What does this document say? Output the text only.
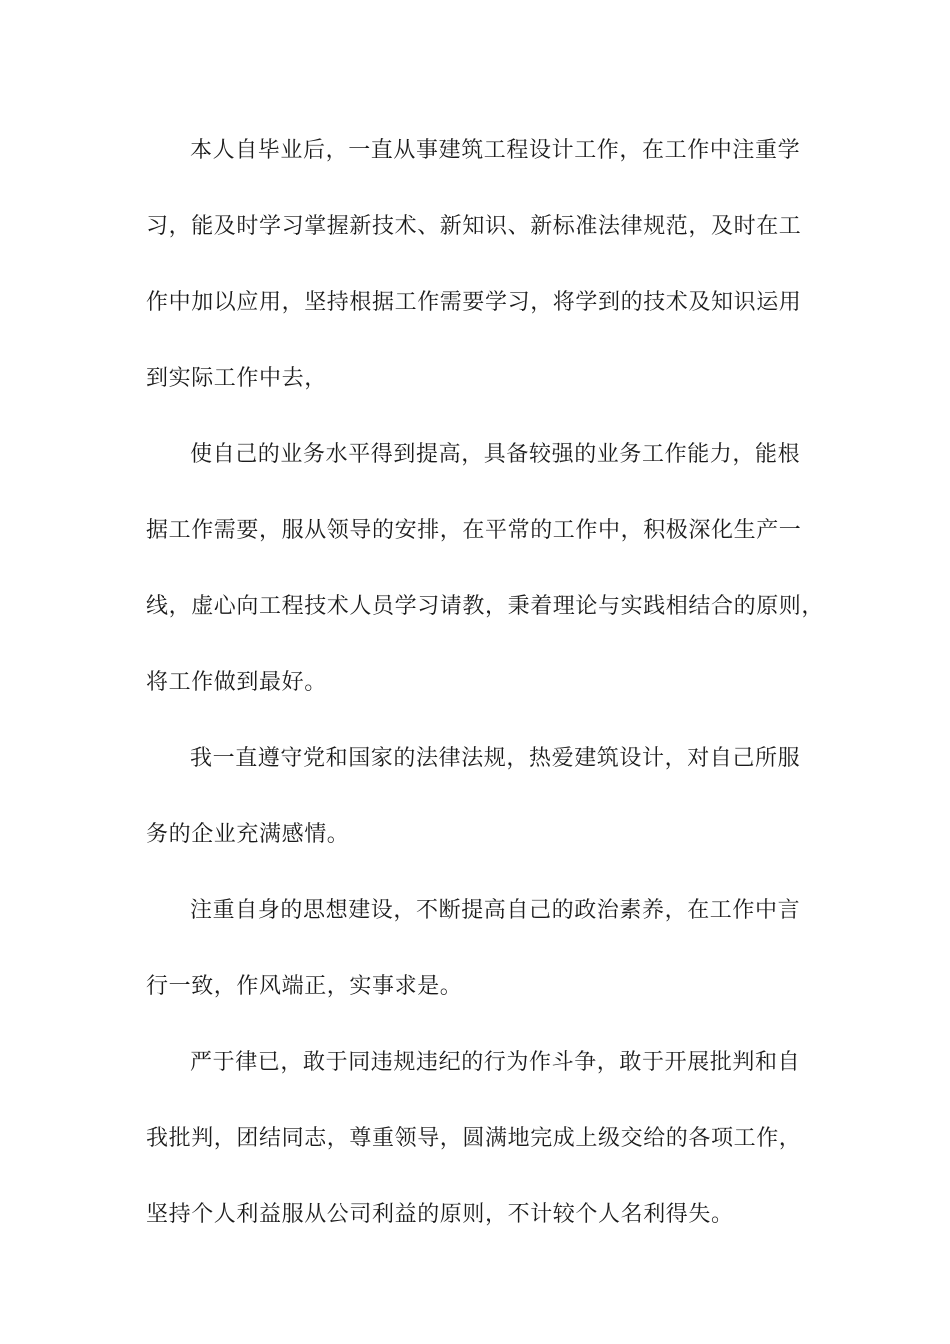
本人自毕业后，一直从事建筑工程设计工作，在工作中注重学
习，能及时学习掌握新技术、新知识、新标准法律规范，及时在工
作中加以应用，坚持根据工作需要学习，将学到的技术及知识运用
到实际工作中去，

使自己的业务水平得到提高，具备较强的业务工作能力，能根
据工作需要，服从领导的安排，在平常的工作中，积极深化生产一
线，虚心向工程技术人员学习请教，秉着理论与实践相结合的原则，
将工作做到最好。

我一直遵守党和国家的法律法规，热爱建筑设计，对自己所服
务的企业充满感情。

注重自身的思想建设，不断提高自己的政治素养，在工作中言
行一致，作风端正，实事求是。

严于律已，敢于同违规违纪的行为作斗争，敢于开展批判和自
我批判，团结同志，尊重领导，圆满地完成上级交给的各项工作，
坚持个人利益服从公司利益的原则，不计较个人名利得失。
